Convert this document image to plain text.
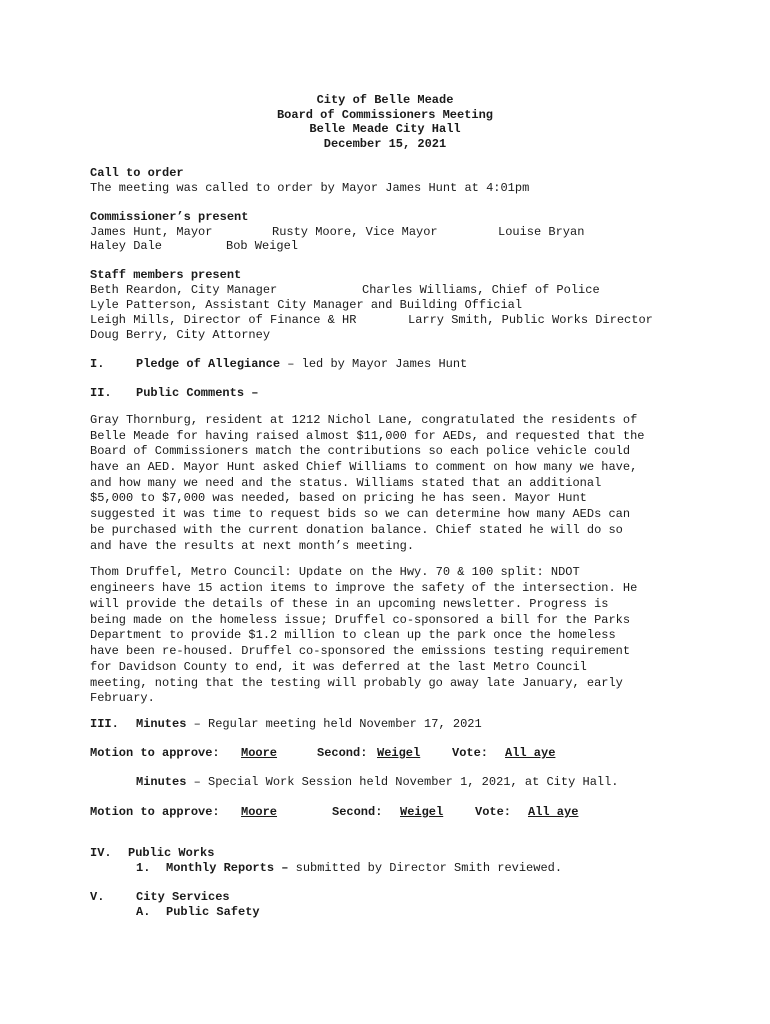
City of Belle Meade
Board of Commissioners Meeting
Belle Meade City Hall
December 15, 2021
Call to order
The meeting was called to order by Mayor James Hunt at 4:01pm
Commissioner’s present
James Hunt, Mayor	Rusty Moore, Vice Mayor	Louise Bryan
Haley Dale	Bob Weigel
Staff members present
Beth Reardon, City Manager	Charles Williams, Chief of Police
Lyle Patterson, Assistant City Manager and Building Official
Leigh Mills, Director of Finance & HR	Larry Smith, Public Works Director
Doug Berry, City Attorney
I.	Pledge of Allegiance – led by Mayor James Hunt
II. Public Comments –
Gray Thornburg, resident at 1212 Nichol Lane, congratulated the residents of
Belle Meade for having raised almost $11,000 for AEDs, and requested that the
Board of Commissioners match the contributions so each police vehicle could
have an AED. Mayor Hunt asked Chief Williams to comment on how many we have,
and how many we need and the status. Williams stated that an additional
$5,000 to $7,000 was needed, based on pricing he has seen. Mayor Hunt
suggested it was time to request bids so we can determine how many AEDs can
be purchased with the current donation balance. Chief stated he will do so
and have the results at next month’s meeting.
Thom Druffel, Metro Council: Update on the Hwy. 70 & 100 split: NDOT
engineers have 15 action items to improve the safety of the intersection. He
will provide the details of these in an upcoming newsletter. Progress is
being made on the homeless issue; Druffel co-sponsored a bill for the Parks
Department to provide $1.2 million to clean up the park once the homeless
have been re-housed. Druffel co-sponsored the emissions testing requirement
for Davidson County to end, it was deferred at the last Metro Council
meeting, noting that the testing will probably go away late January, early
February.
III. Minutes – Regular meeting held November 17, 2021
Motion to approve: Moore	Second: Weigel	Vote: All aye
Minutes – Special Work Session held November 1, 2021, at City Hall.
Motion to approve: Moore	Second: Weigel	Vote: All aye
IV. Public Works
1. Monthly Reports – submitted by Director Smith reviewed.
V.	City Services
A. Public Safety
